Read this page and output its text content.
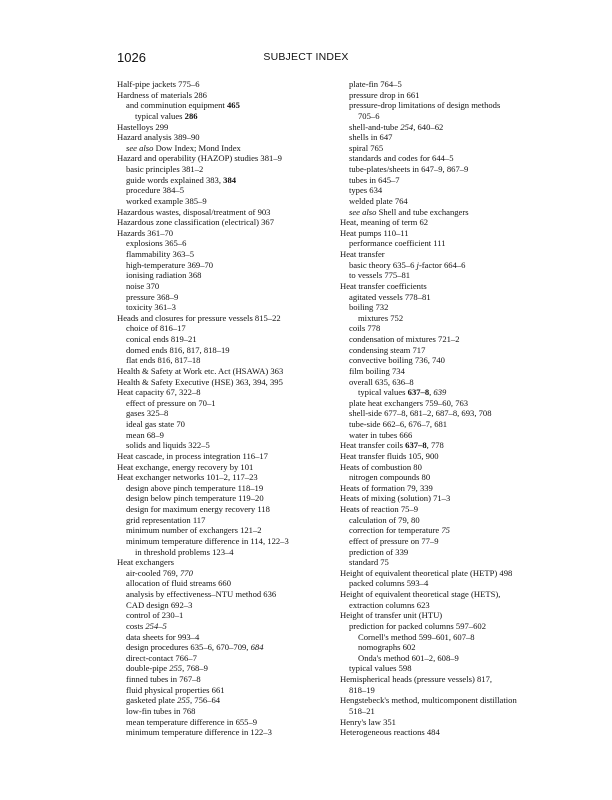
1026	SUBJECT INDEX
Half-pipe jackets 775–6
Hardness of materials 286
and comminution equipment 465
typical values 286
Hastelloys 299
Hazard analysis 389–90
see also Dow Index; Mond Index
Hazard and operability (HAZOP) studies 381–9
basic principles 381–2
guide words explained 383, 384
procedure 384–5
worked example 385–9
Hazardous wastes, disposal/treatment of 903
Hazardous zone classification (electrical) 367
Hazards 361–70
explosions 365–6
flammability 363–5
high-temperature 369–70
ionising radiation 368
noise 370
pressure 368–9
toxicity 361–3
Heads and closures for pressure vessels 815–22
choice of 816–17
conical ends 819–21
domed ends 816, 817, 818–19
flat ends 816, 817–18
Health & Safety at Work etc. Act (HSAWA) 363
Health & Safety Executive (HSE) 363, 394, 395
Heat capacity 67, 322–8
effect of pressure on 70–1
gases 325–8
ideal gas state 70
mean 68–9
solids and liquids 322–5
Heat cascade, in process integration 116–17
Heat exchange, energy recovery by 101
Heat exchanger networks 101–2, 117–23
design above pinch temperature 118–19
design below pinch temperature 119–20
design for maximum energy recovery 118
grid representation 117
minimum number of exchangers 121–2
minimum temperature difference in 114, 122–3
in threshold problems 123–4
Heat exchangers
air-cooled 769, 770
allocation of fluid streams 660
analysis by effectiveness–NTU method 636
CAD design 692–3
control of 230–1
costs 254–5
data sheets for 993–4
design procedures 635–6, 670–709, 684
direct-contact 766–7
double-pipe 255, 768–9
finned tubes in 767–8
fluid physical properties 661
gasketed plate 255, 756–64
low-fin tubes in 768
mean temperature difference in 655–9
minimum temperature difference in 122–3
plate-fin 764–5
pressure drop in 661
pressure-drop limitations of design methods
705–6
shell-and-tube 254, 640–62
shells in 647
spiral 765
standards and codes for 644–5
tube-plates/sheets in 647–9, 867–9
tubes in 645–7
types 634
welded plate 764
see also Shell and tube exchangers
Heat, meaning of term 62
Heat pumps 110–11
performance coefficient 111
Heat transfer
basic theory 635–6 j-factor 664–6
to vessels 775–81
Heat transfer coefficients
agitated vessels 778–81
boiling 732
mixtures 752
coils 778
condensation of mixtures 721–2
condensing steam 717
convective boiling 736, 740
film boiling 734
overall 635, 636–8
typical values 637–8, 639
plate heat exchangers 759–60, 763
shell-side 677–8, 681–2, 687–8, 693, 708
tube-side 662–6, 676–7, 681
water in tubes 666
Heat transfer coils 637–8, 778
Heat transfer fluids 105, 900
Heats of combustion 80
nitrogen compounds 80
Heats of formation 79, 339
Heats of mixing (solution) 71–3
Heats of reaction 75–9
calculation of 79, 80
correction for temperature 75
effect of pressure on 77–9
prediction of 339
standard 75
Height of equivalent theoretical plate (HETP) 498
packed columns 593–4
Height of equivalent theoretical stage (HETS),
extraction columns 623
Height of transfer unit (HTU)
prediction for packed columns 597–602
Cornell's method 599–601, 607–8
nomographs 602
Onda's method 601–2, 608–9
typical values 598
Hemispherical heads (pressure vessels) 817,
818–19
Hengstebeck's method, multicomponent distillation
518–21
Henry's law 351
Heterogeneous reactions 484
